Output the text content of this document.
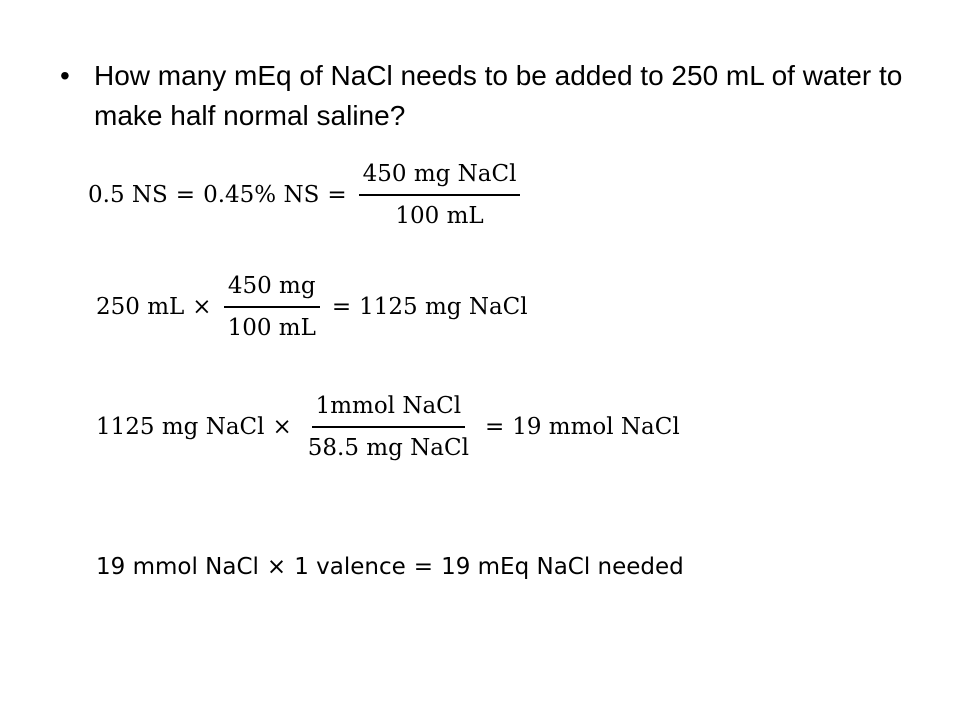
• How many mEq of NaCl needs to be added to 250 mL of water to make half normal saline?
0.5 NS = 0.45% NS = $\frac{\text{450 mg NaCl}}{100 mL}$
250 mL × $\frac{450 mg}{100 mL} = 1125$ mg NaCl
1125 mg NaCl × $\frac{\text{1mmol NaCl}}{\text{58.5 mg NaCl}} = 19$ mmol NaCl
19 mmol NaCl × 1 valence = 19 mEq NaCl needed
